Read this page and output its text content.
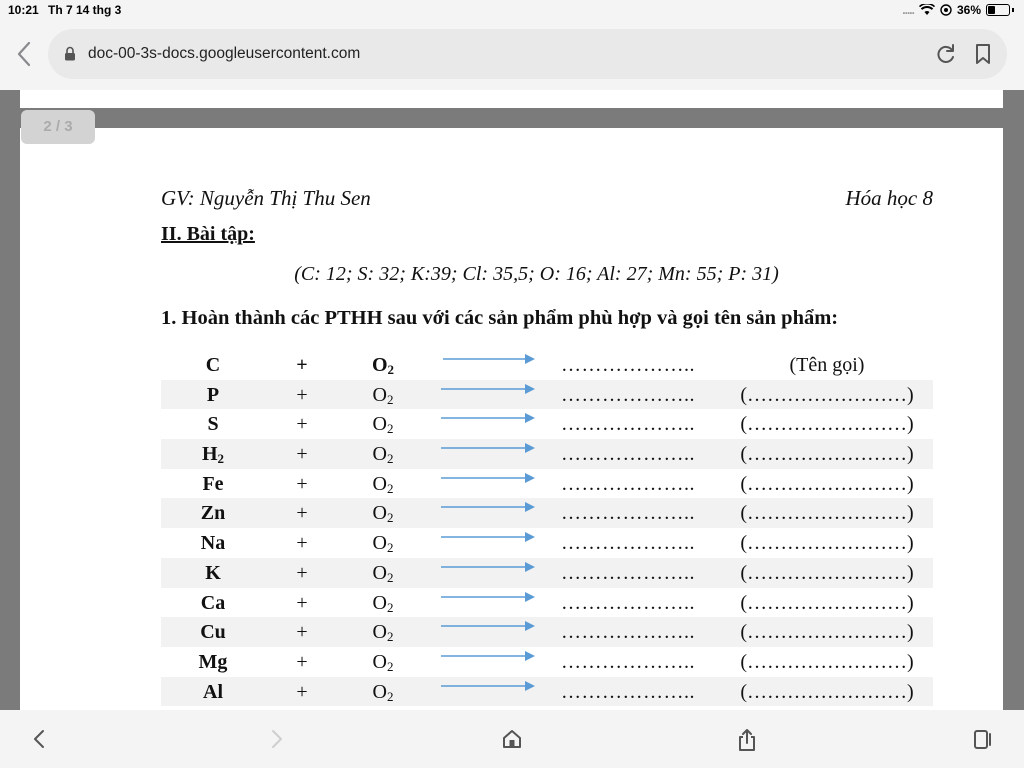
10:21 Th 7 14 thg 3	.....	36%
doc-00-3s-docs.googleusercontent.com
GV: Nguyễn Thị Thu Sen	Hóa học 8
II. Bài tập:
(C: 12; S: 32; K:39; Cl: 35,5; O: 16; Al: 27; Mn: 55; P: 31)
1. Hoàn thành các PTHH sau với các sản phẩm phù hợp và gọi tên sản phẩm:
C	+	$O_2$	………………..	(Tên gọi)
P	+	$O_2$	………………..	(……………………)
S	+	$O_2$	………………..	(……………………)
$H_2$	+	$O_2$	………………..	(……………………)
Fe	+	$O_2$	………………..	(……………………)
Zn	+	$O_2$	………………..	(……………………)
Na	+	$O_2$	………………..	(……………………)
K	+	$O_2$	………………..	(……………………)
Ca	+	$O_2$	………………..	(……………………)
Cu	+	$O_2$	………………..	(……………………)
Mg	+	$O_2$	………………..	(……………………)
Al	+	$O_2$	………………..	(……………………)
2 / 3
